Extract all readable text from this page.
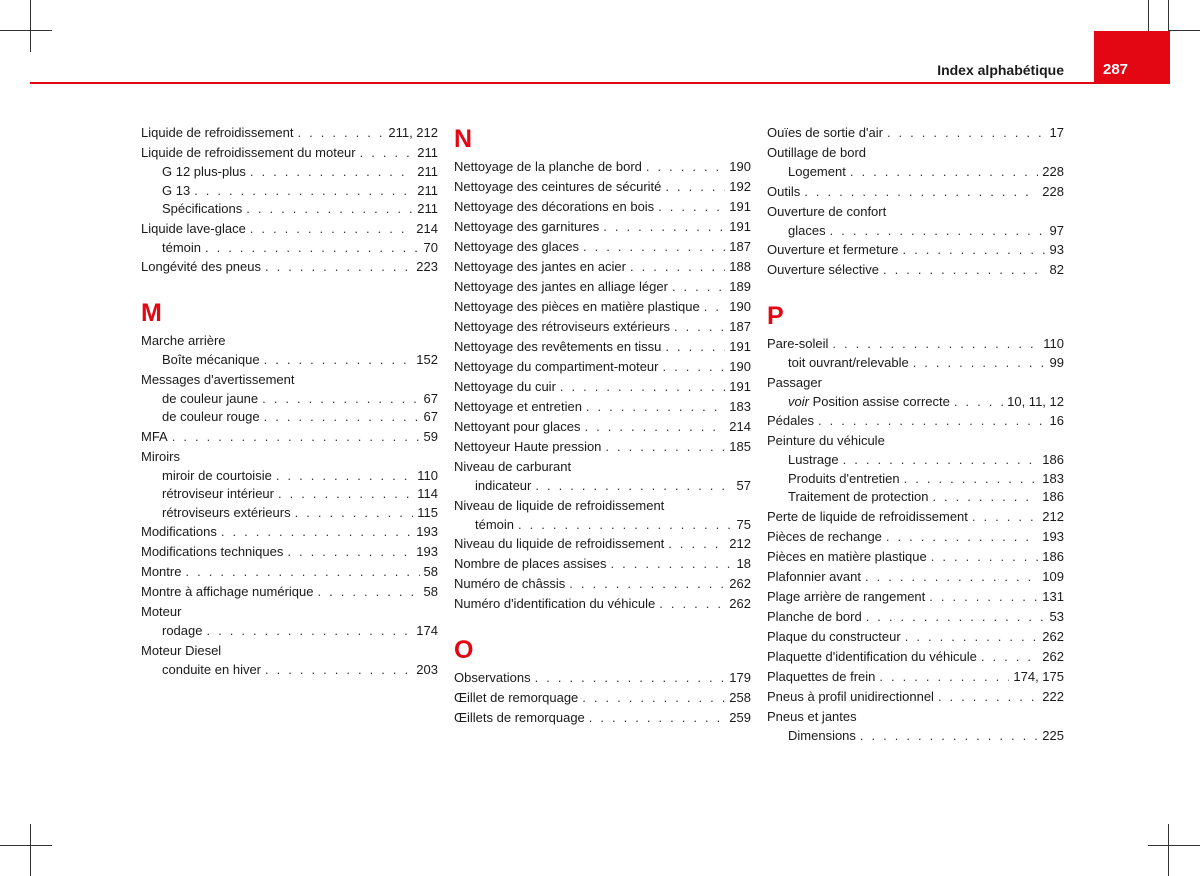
Index alphabétique	287
Liquide de refroidissement . . .	211, 212
Liquide de refroidissement du moteur . . .	211
G 12 plus-plus . . .	211
G 13 . . .	211
Spécifications . . .	211
Liquide lave-glace . . .	214
témoin . . .	70
Longévité des pneus . . .	223
M
Marche arrière
Boîte mécanique . . .	152
Messages d'avertissement
de couleur jaune . . .	67
de couleur rouge . . .	67
MFA . . .	59
Miroirs
miroir de courtoisie . . .	110
rétroviseur intérieur . . .	114
rétroviseurs extérieurs . . .	115
Modifications . . .	193
Modifications techniques . . .	193
Montre . . .	58
Montre à affichage numérique . . .	58
Moteur
rodage . . .	174
Moteur Diesel
conduite en hiver . . .	203
N
Nettoyage de la planche de bord . . .	190
Nettoyage des ceintures de sécurité . . .	192
Nettoyage des décorations en bois . . .	191
Nettoyage des garnitures . . .	191
Nettoyage des glaces . . .	187
Nettoyage des jantes en acier . . .	188
Nettoyage des jantes en alliage léger . . .	189
Nettoyage des pièces en matière plastique . . . 190
Nettoyage des rétroviseurs extérieurs . . .	187
Nettoyage des revêtements en tissu . . .	191
Nettoyage du compartiment-moteur . . .	190
Nettoyage du cuir . . .	191
Nettoyage et entretien . . .	183
Nettoyant pour glaces . . .	214
Nettoyeur Haute pression . . .	185
Niveau de carburant
indicateur . . .	57
Niveau de liquide de refroidissement
témoin . . .	75
Niveau du liquide de refroidissement . . .	212
Nombre de places assises . . .	18
Numéro de châssis . . .	262
Numéro d'identification du véhicule . . .	262
O
Observations . . .	179
Œillet de remorquage . . .	258
Œillets de remorquage . . .	259
Ouïes de sortie d'air . . .	17
Outillage de bord
Logement . . .	228
Outils . . .	228
Ouverture de confort
glaces . . .	97
Ouverture et fermeture . . .	93
Ouverture sélective . . .	82
P
Pare-soleil . . .	110
toit ouvrant/relevable . . .	99
Passager
voir Position assise correcte . . .	10, 11, 12
Pédales . . .	16
Peinture du véhicule
Lustrage . . .	186
Produits d'entretien . . .	183
Traitement de protection . . .	186
Perte de liquide de refroidissement . . .	212
Pièces de rechange . . .	193
Pièces en matière plastique . . .	186
Plafonnier avant . . .	109
Plage arrière de rangement . . .	131
Planche de bord . . .	53
Plaque du constructeur . . .	262
Plaquette d'identification du véhicule . . .	262
Plaquettes de frein . . .	174, 175
Pneus à profil unidirectionnel . . .	222
Pneus et jantes
Dimensions . . .	225
